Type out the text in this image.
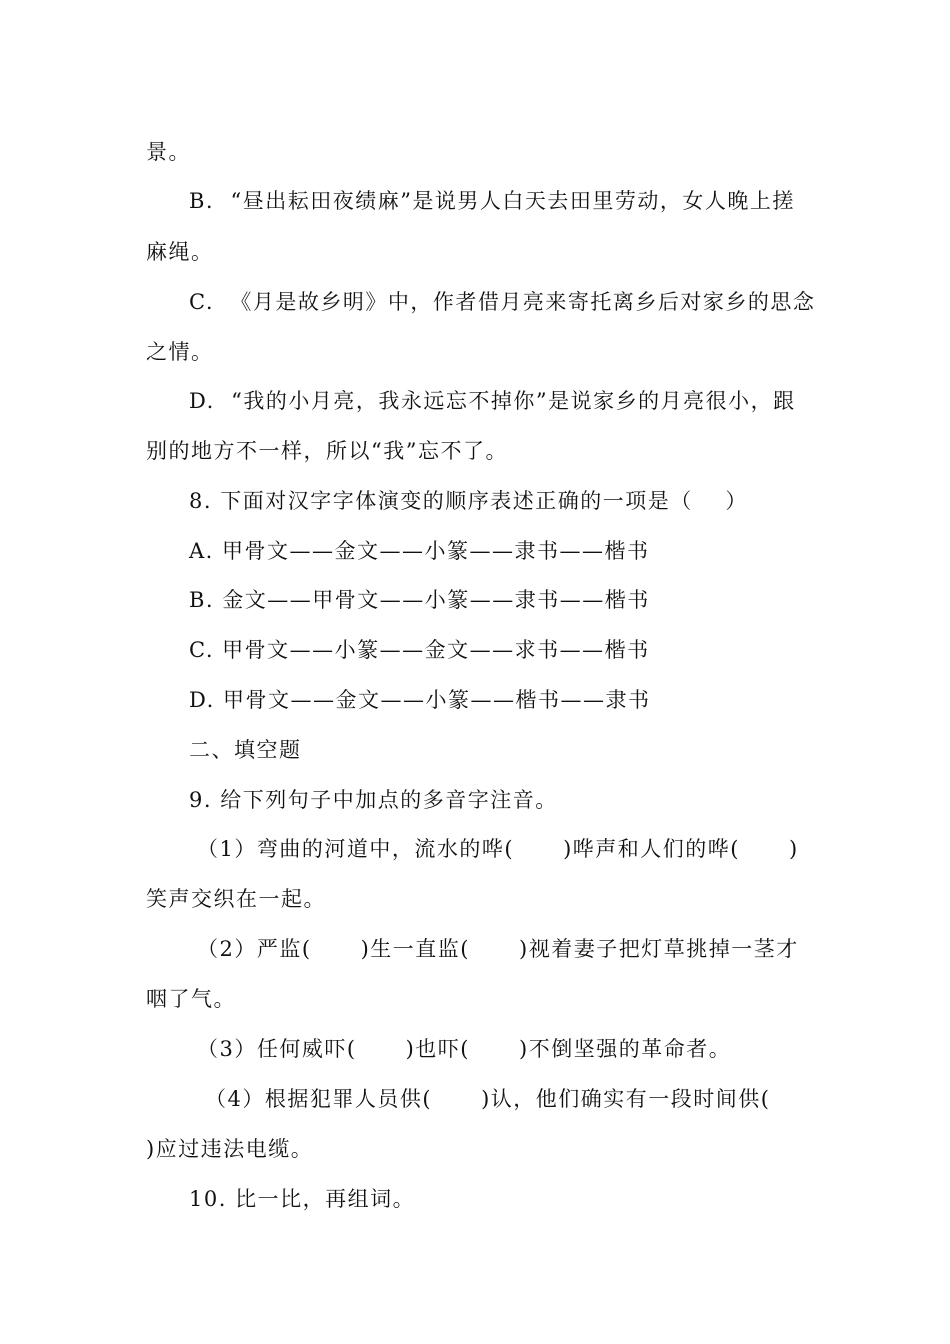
景。
B.  “昼出耘田夜绩麻”是说男人白天去田里劳动，女人晚上搓
麻绳。
C.  《月是故乡明》中，作者借月亮来寄托离乡后对家乡的思念
之情。
D.  “我的小月亮，我永远忘不掉你”是说家乡的月亮很小，跟
别的地方不一样，所以“我”忘不了。
8. 下面对汉字字体演变的顺序表述正确的一项是（    ）
A. 甲骨文——金文——小篆——隶书——楷书
B. 金文——甲骨文——小篆——隶书——楷书
C. 甲骨文——小篆——金文——求书——楷书
D. 甲骨文——金文——小篆——楷书——隶书
二、填空题
9. 给下列句子中加点的多音字注音。
（1）弯曲的河道中，流水的哗(      )哗声和人们的哗(      )
笑声交织在一起。
（2）严监(      )生一直监(      )视着妻子把灯草挑掉一茎才
咽了气。
（3）任何威吓(      )也吓(      )不倒坚强的革命者。
（4）根据犯罪人员供(      )认，他们确实有一段时间供(
)应过违法电缆。
10. 比一比，再组词。
